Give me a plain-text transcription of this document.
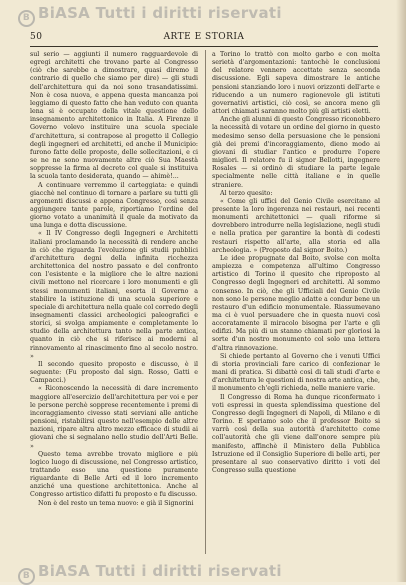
B BiASA Tutti i diritti riservati
50	ARTE E STORIA

sul serio — aggiunti il numero ragguardevole di egregi architetti che trovano parte al Congresso (ciò che sarebbe a dimostrare, quasi diremo il contrario di quello che siamo per dire) — gli studi dell'architettura qui da noi sono trasandatissimi. Non è cosa nuova, e appena questa mancanza poi leggiamo di questo fatto che han veduto con quanta lena si è occupato della vitale questione dello insegnamento architettonico in Italia. A Firenze il Governo volevo instituire una scuola speciale d'architettura, si contrapose al progetto il Collegio degli ingegneri ed architetti, ed anche il Municipio: furono fatte delle proposte, delle sollecitazioni, e ci se ne ne sono nuovamente altre ciò Sua Maestà soppresse la firma al decreto col quale si instituiva la scuola tanto desiderata, quando — ahimè!...

A continuare verremmo il carteggiata: e quindi giacchè nel continuo di tornare a parlare su tutti gli argomenti discussi e appena Congresso, così senza aggiungere tante parole, riportiamo l'ordine del giorno votato a unanimità il quale da motivato da una lunga e dotta discussione.

« Il IV Congresso degli Ingegneri e Architetti italiani proclamando la necessità di rendere anche in ciò che riguarda l'evoluzione gli studii pubblici d'architettura degni della infinita ricchezza architettonica del nostro passato e del confronto con l'esistente e la migliore che le altre nazioni civili mettono nel ricercare i loro monumenti e gli stessi monumenti italiani, esorta il Governo a stabilire la istituzione di una scuola superiore e speciale di architettura nella quale col corredo degli insegnamenti classici archeologici paleografici e storici, si svolga ampiamente e completamente lo studio della architettura tanto nella parte antica, quanto in ciò che si riferisce ai moderni al rinnovamento al rinascimento fino al secolo nostro. »

Il secondo quesito proposto e discusso, è il seguente: (Fu proposto dal sign. Rosso, Gatti e Campacci.)

« Riconoscendo la necessità di dare incremento maggiore all'esercizio dell'architettura per voi e per le persone perchè sopprese recentemente i premi di incoraggiamento civesso stati serviani alle antiche pensioni, ristabilirsi questo nell'esempio delle altre nazioni, ripare altra altro mezzo efficace di studii ai giovani che si segnalano nello studio dell'Arti Belle. »

Questo tema avrebbe trovato migliore e più logico luogo di discussione, nel Congresso artistico, trattando esso una questione puramente riguardante di Belle Arti ed il loro incremento anziché una questione architettonica. Anche al Congresso artistico difatti fu proposto e fu discusso.

Non è del resto un tema nuovo: e già il Signorini

a Torino lo trattò con molto garbo e con molta serietà d'argomentazioni: tantochè le conclusioni del relatore vennero accettate senza seconda discussione. Egli sapeva dimostrare le antiche pensioni stanziando loro i nuovi orizzonti dell'arte e riducendo a un numero ragionevole gli istituti governativi artistici, ciò così, se ancora meno gli attori chiamati saranno molto più gli artisti eletti.

Anche gli alunni di questo Congresso riconobbero la necessità di votare un ordine del giorno in questo medesimo senso della persuasione che le pensioni già dei premi d'incoraggiamento, dieno modo ai giovani di studiar l'antico e produrre l'opere migliori. Il relatore fu il signor Bellotti, ingegnere Rosales — si ordinò di studiare la parte legale specialmente nelle città italiane e in quelle straniere.

Al terzo quesito:

« Come gli uffici del Genio Civile esercitano al presente la loro ingerenza nei restauri, nei recenti monumenti architettonici — quali riforme si dovrebbero introdurre nella legislazione, negli studi e nella pratica per garantire la bontà di codesti restauri rispetto all'arte, alla storia ed alla archeologia. » (Proposto dal signor Boito.)

Le idee propugnate dal Boito, svolse con molta ampiezza e competenza all'ultimo Congresso artistico di Torino il quesito che riproposto al Congresso degli Ingegneri ed architetti. Al sommo consenso. In ciò, che gli Ufficiali del Genio Civile non sono le persone meglio adatte a condur bene un restauro d'un edificio monumentale. Riassumevano ma ci è vuol persuadere che in questa nuovi così accoratamente il miracolo bisogna per l'arte e gli edifizi. Ma più di un stanno chiamati per gloriosi la sorte d'un nostro monumento col solo una lettera d'altra rinnovazione.

Si chiede pertanto al Governo che i venuti Uffici di storia provinciali fare carico di confezionar le mani di pratica. Si dibattè così di tali studi d'arte e d'architettura le questioni di nostra arte antica, che, il monumento ch'egli richieda, nelle maniere varie.

Il Congresso di Roma ha dunque riconfermato i voti espressi in questa splendissima questione del Congresso degli Ingegneri di Napoli, di Milano e di Torino. E speriamo solo che il professor Boito si varrà così della sua autorità d'architetto come coll'autorità che gli viene dall'onore sempre più manifesto, affinchè il Ministero della Pubblica Istruzione ed il Consiglio Superiore di belle arti, per presentare al suo conservativo diritto i voti del Congresso sulla questione

B BiASA Tutti i diritti riservati
